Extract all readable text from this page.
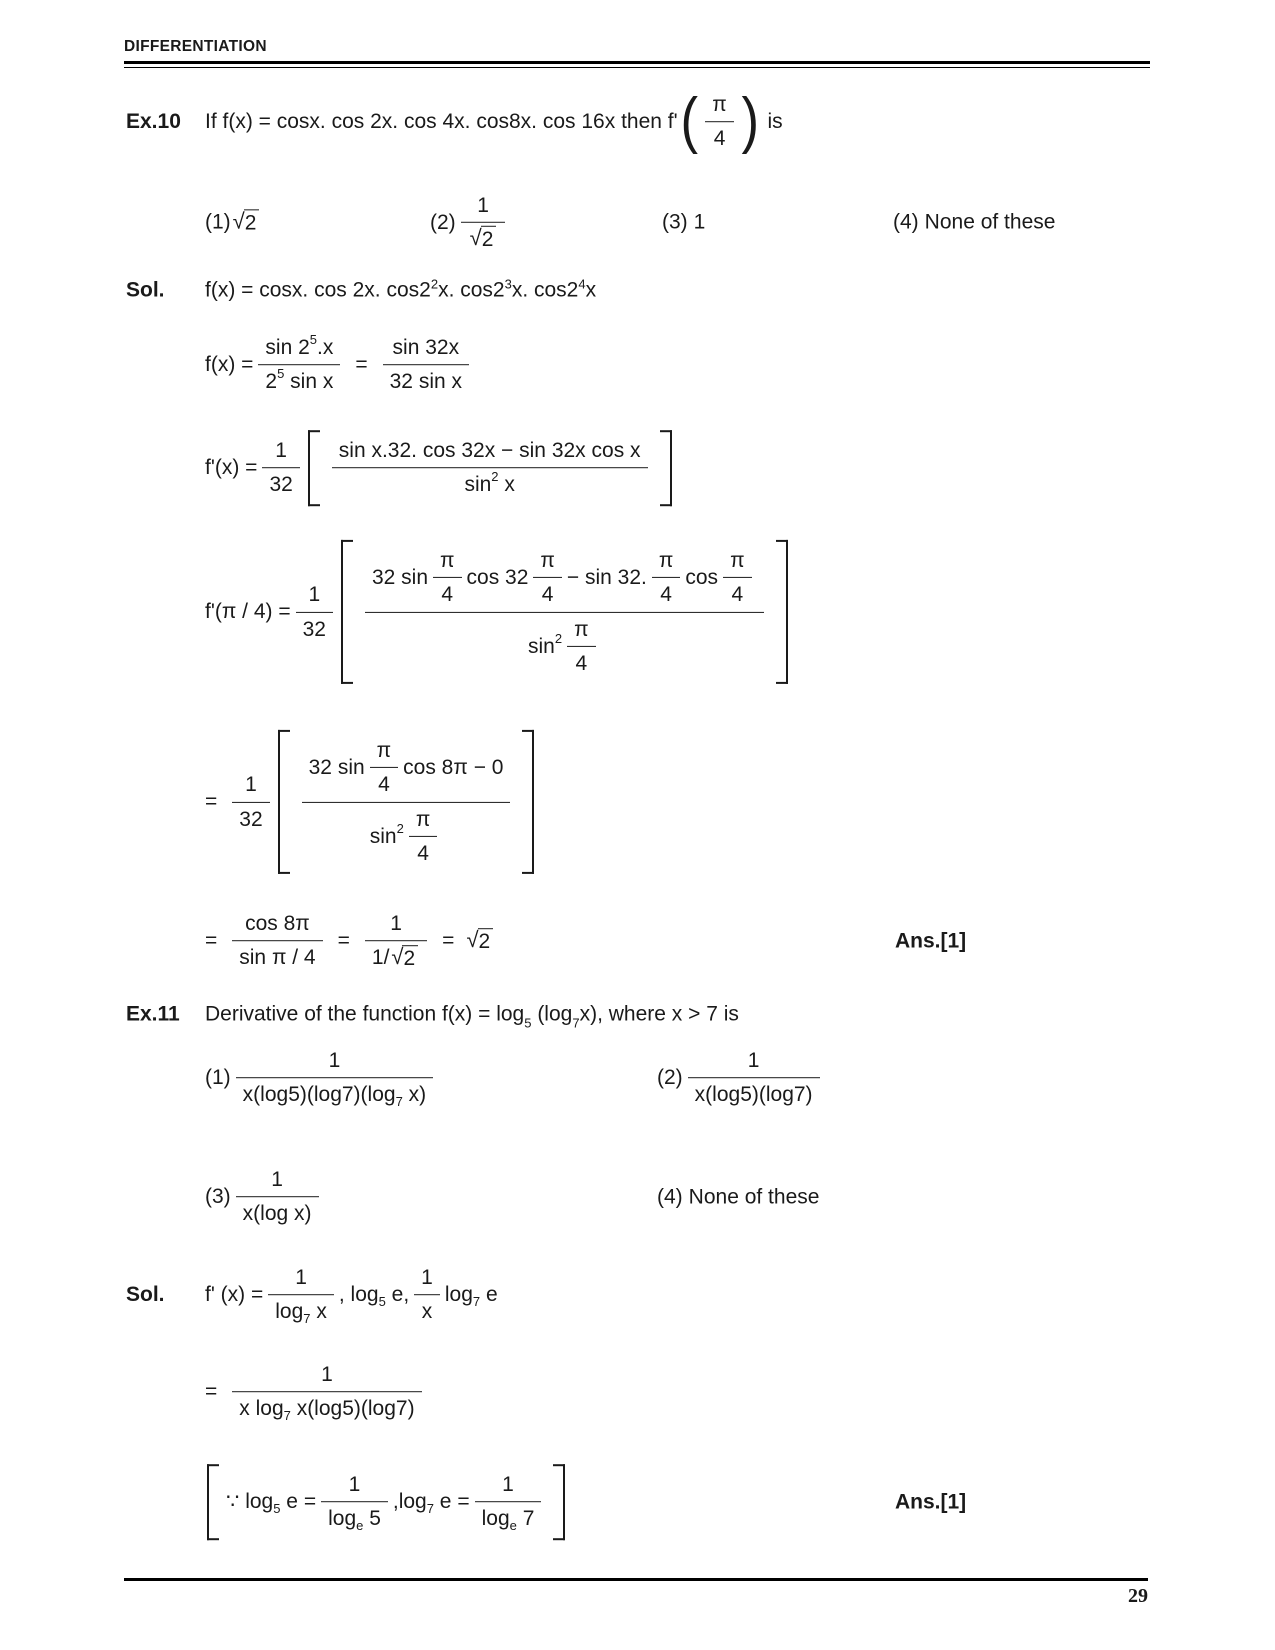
DIFFERENTIATION
Ex.10	If f(x) = cosx. cos 2x. cos 4x. cos8x. cos 16x then f' ( $\frac{\pi}{4}$ ) is
(1) √ 2	$(2) \frac{1}{√ 2}$	(3) 1	(4) None of these
Sol.	f(x) = cosx. cos 2x. cos2 2 x. cos2 3 x. cos2 4 x
$f(x) = \frac{\sin 2 5 .x}{\text{2 5 sin x}} = \frac{\sin 32x}{\text{32 sin x}}$
$f'(x) = \frac{1}{32} \frac{\text{sin x.32. cos 32x − sin 32x cos x}}{\sin 2 x}$
$f'(\pi / 4) = \frac{1}{32}$
32 $\sin \frac{\pi}{4}$ $\cos 32 \frac{\pi}{4} - \sin 32$. $\frac{\pi}{4}$ $\cos \frac{\pi}{4}$
$\sin 2 \frac{\pi}{4}$
= $\frac{1}{32}$
32 $\sin \frac{\pi}{4}$ cos 8π − 0
$\sin 2 \frac{\pi}{4}$
= $\frac{\cos 8\pi}{\text{sin π / 4}} = \frac{1}{1/ √ 2}$ = √ 2	Ans.[1]
Ex.11	Derivative of the function f(x) = log 5 (log 7 x), where x > 7 is
$(1) \frac{1}{x(\log 5)(\log 7)(\log 7 x)}$	$(2) \frac{1}{x(\log 5)(\log 7)}$
$(3) \frac{1}{\text{x(log x)}}$	(4) None of these
Sol.	f' $(x) = \frac{1}{\log 7 x}$ , log 5 e, $\frac{1}{x}$ log 7 e
= $\frac{1}{\text{x log 7 x(log5)(log7)}}$
∵ log 5 $e = \frac{1}{\text{log e 5}} ,\log$ 7 $e = \frac{1}{\text{log e 7}}$	Ans.[1]
29
